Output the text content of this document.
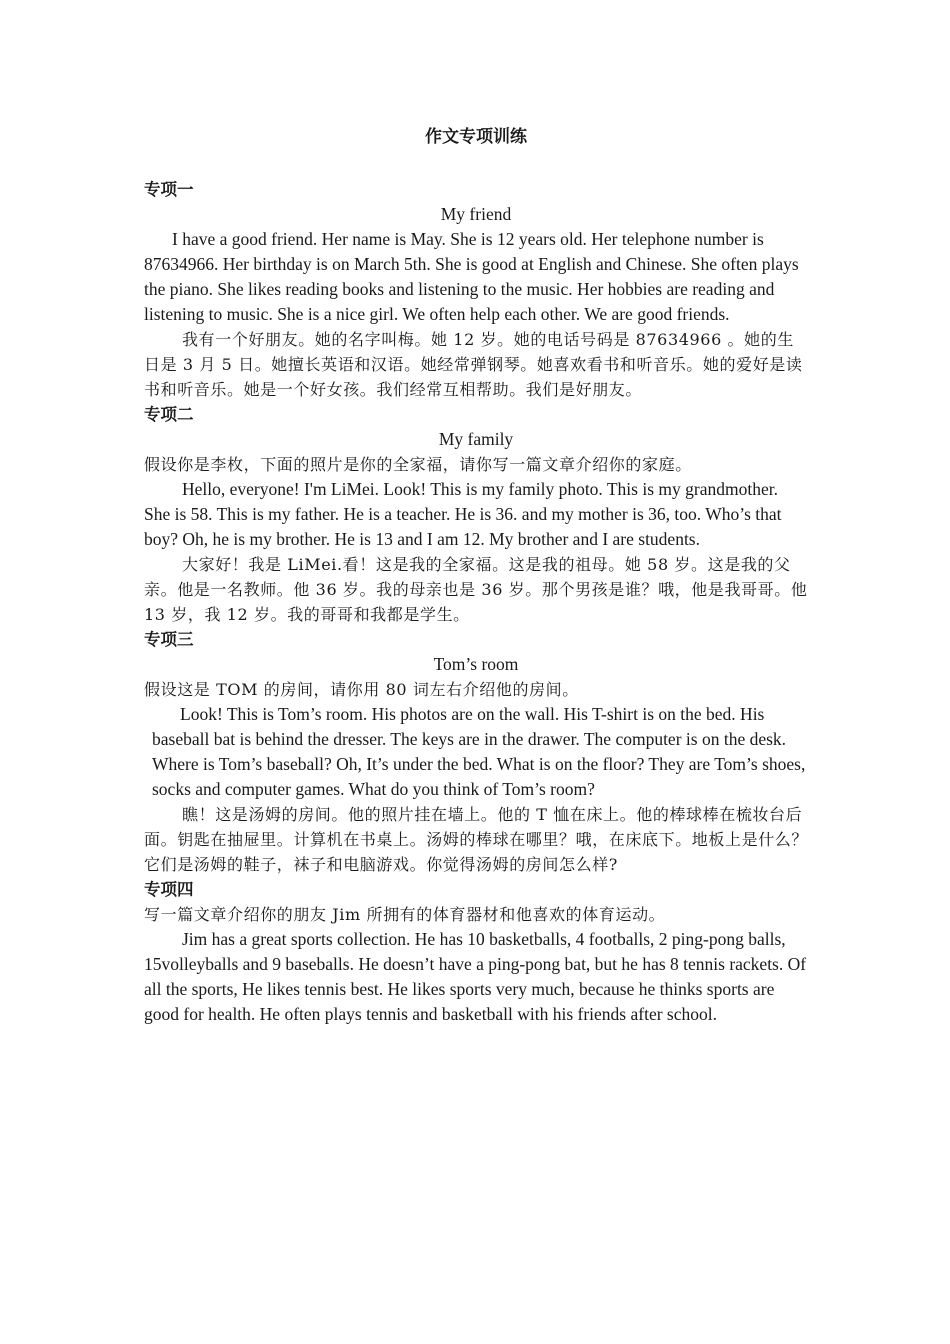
作文专项训练
专项一
My friend

I have a good friend. Her name is May. She is 12 years old. Her telephone number is 87634966. Her birthday is on March 5th. She is good at English and Chinese. She often plays the piano. She likes reading books and listening to the music. Her hobbies are reading and listening to music. She is a nice girl. We often help each other. We are good friends.

我有一个好朋友。她的名字叫梅。她 12 岁。她的电话号码是 87634966 。她的生日是 3 月 5 日。她擅长英语和汉语。她经常弹钢琴。她喜欢看书和听音乐。她的爱好是读书和听音乐。她是一个好女孩。我们经常互相帮助。我们是好朋友。

专项二
My family

假设你是李枚，下面的照片是你的全家福，请你写一篇文章介绍你的家庭。

Hello, everyone! I'm LiMei. Look! This is my family photo. This is my grandmother.

She is 58. This is my father. He is a teacher. He is 36. and my mother is 36, too. Who’s that boy? Oh, he is my brother. He is 13 and I am 12. My brother and I are students.

大家好！我是 LiMei.看！这是我的全家福。这是我的祖母。她 58 岁。这是我的父亲。他是一名教师。他 36 岁。我的母亲也是 36 岁。那个男孩是谁？哦，他是我哥哥。他 13 岁，我 12 岁。我的哥哥和我都是学生。

专项三
Tom’s room

假设这是 TOM 的房间，请你用 80 词左右介绍他的房间。

Look! This is Tom’s room. His photos are on the wall. His T-shirt is on the bed. His baseball bat is behind the dresser. The keys are in the drawer. The computer is on the desk. Where is Tom’s baseball? Oh, It’s under the bed. What is on the floor? They are Tom’s shoes, socks and computer games. What do you think of Tom’s room?

瞧！这是汤姆的房间。他的照片挂在墙上。他的 T 恤在床上。他的棒球棒在梳妆台后面。钥匙在抽屉里。计算机在书桌上。汤姆的棒球在哪里？哦，在床底下。地板上是什么？它们是汤姆的鞋子，袜子和电脑游戏。你觉得汤姆的房间怎么样?

专项四

写一篇文章介绍你的朋友 Jim 所拥有的体育器材和他喜欢的体育运动。

Jim has a great sports collection. He has 10 basketballs, 4 footballs, 2 ping-pong balls, 15volleyballs and 9 baseballs. He doesn’t have a ping-pong bat, but he has 8 tennis rackets. Of all the sports, He likes tennis best. He likes sports very much, because he thinks sports are good for health. He often plays tennis and basketball with his friends after school.
